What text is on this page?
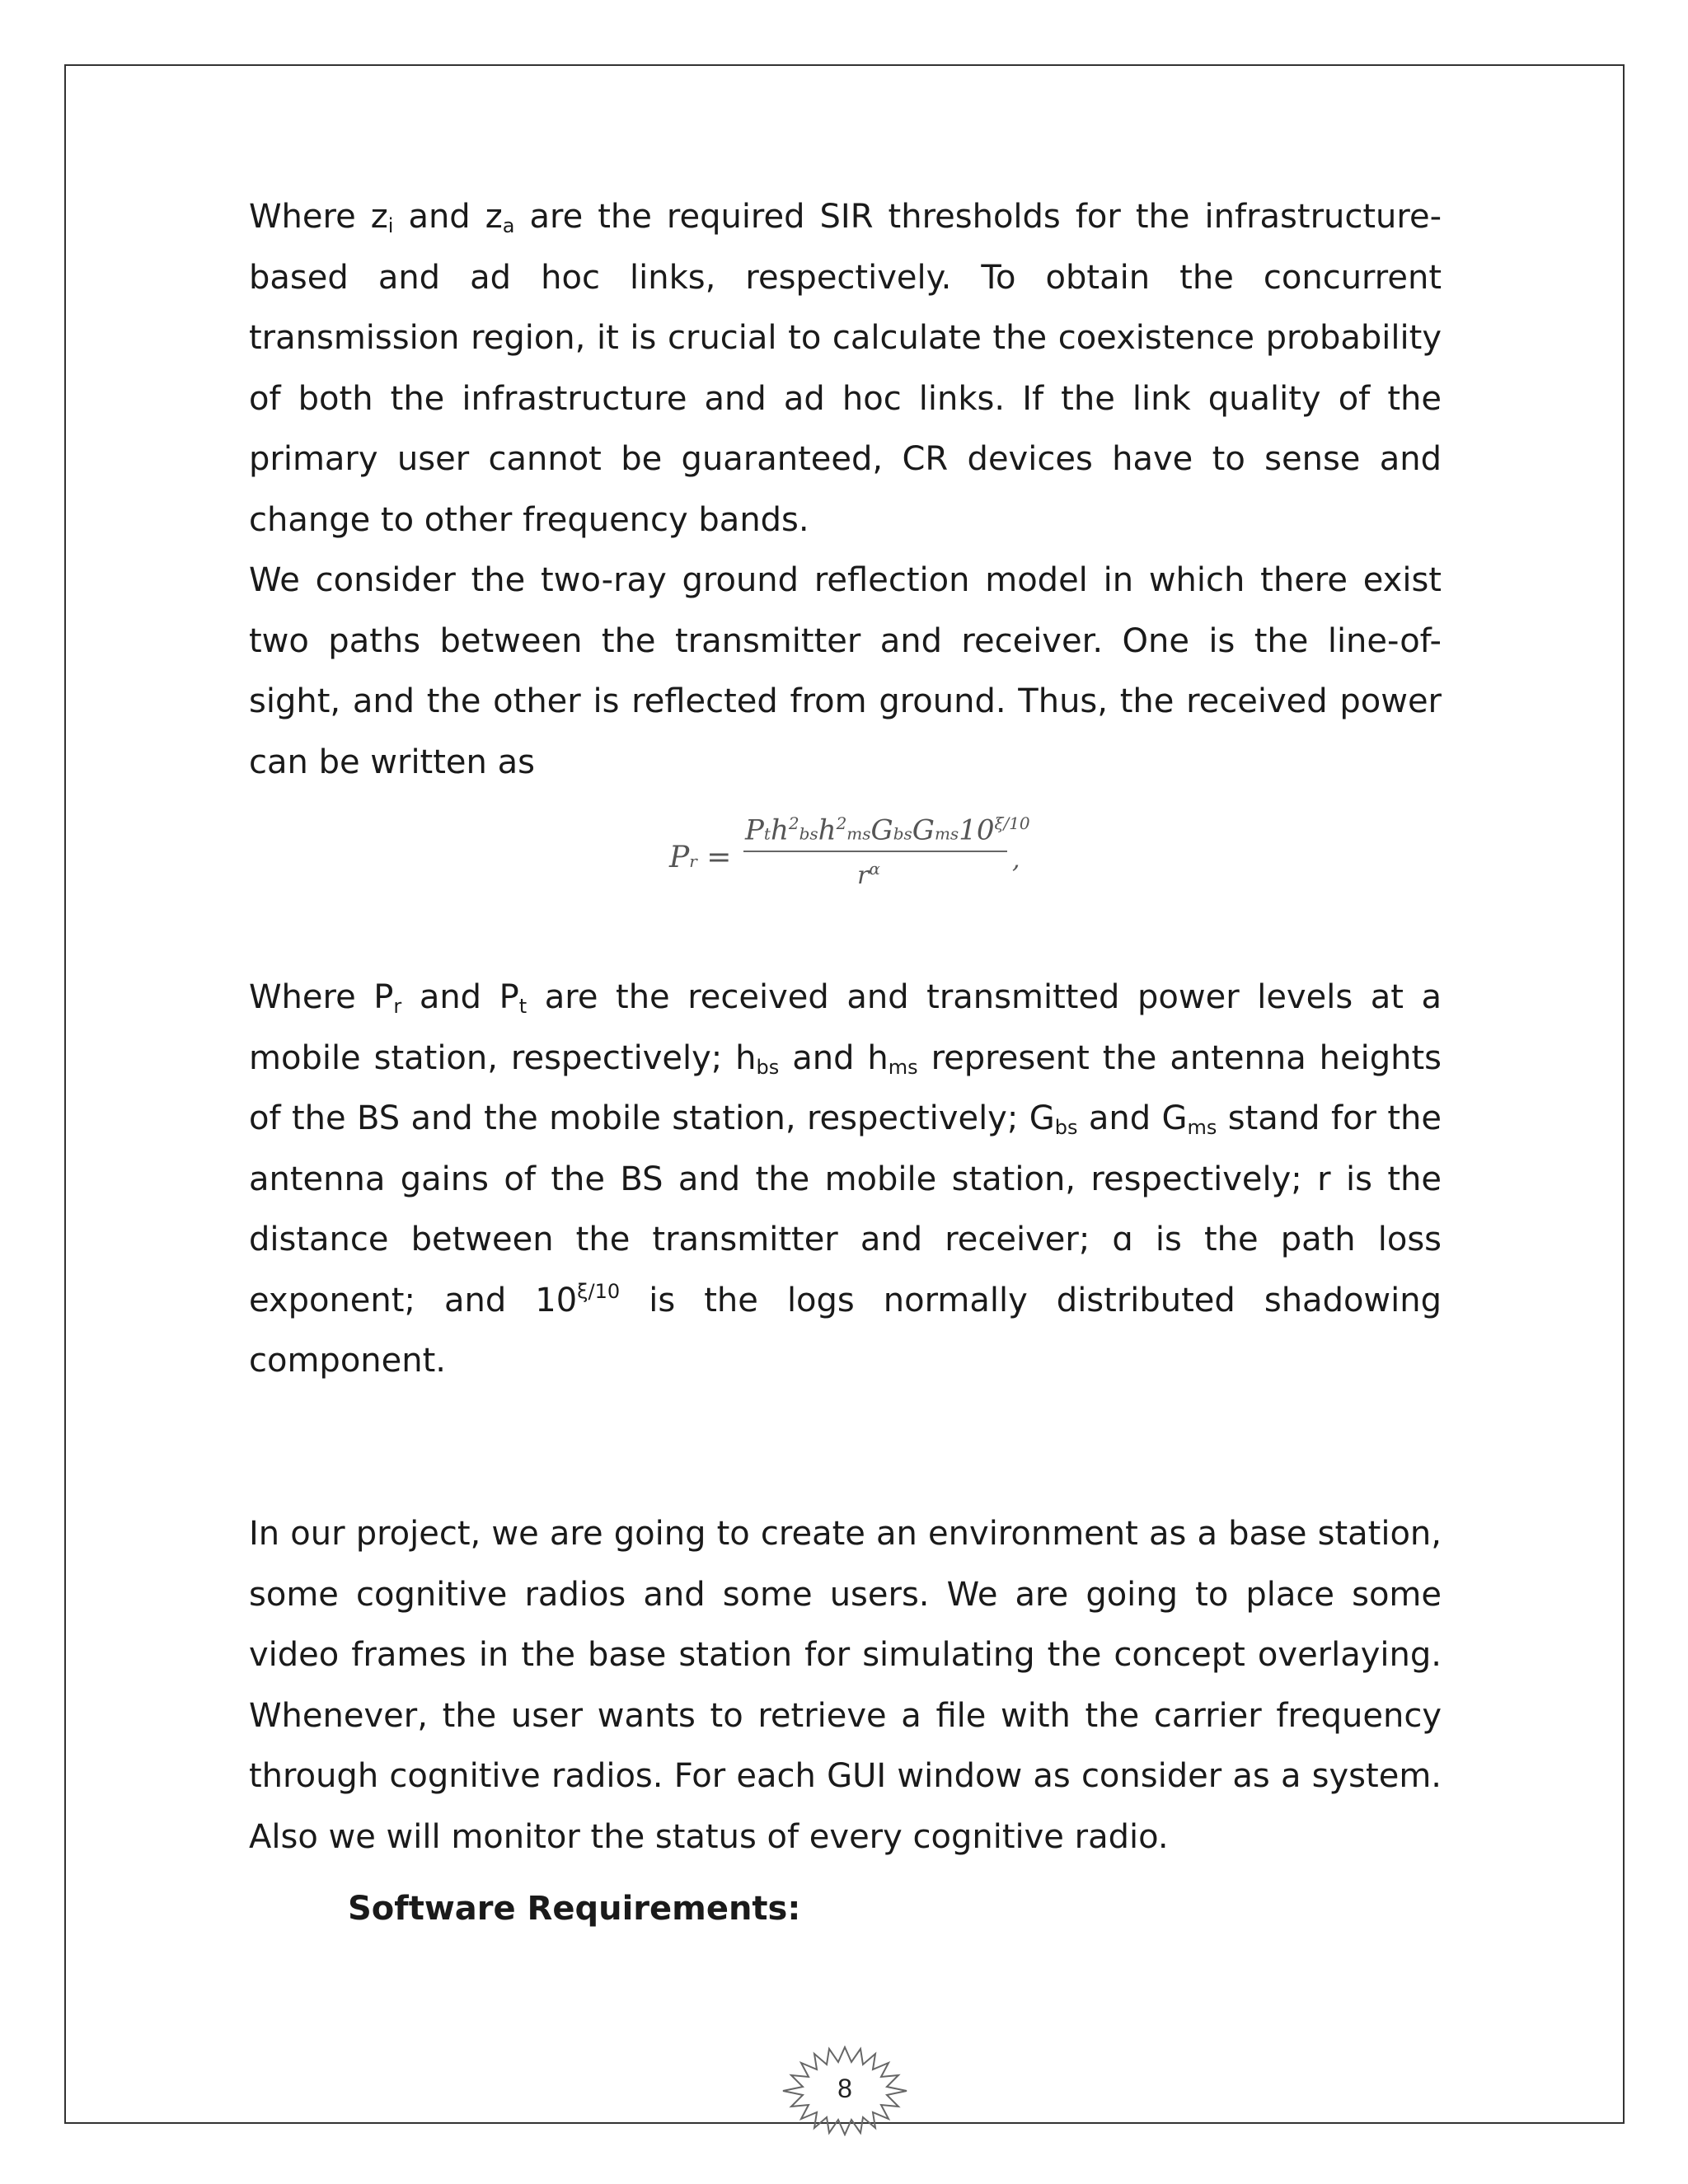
Where $z_i$ and $z_a$ are the required SIR thresholds for the infrastructure-based and ad hoc links, respectively. To obtain the concurrent transmission region, it is crucial to calculate the coexistence probability of both the infrastructure and ad hoc links. If the link quality of the primary user cannot be guaranteed, CR devices have to sense and change to other frequency bands.

We consider the two-ray ground reflection model in which there exist two paths between the transmitter and receiver. One is the line-of-sight, and the other is reflected from ground. Thus, the received power can be written as

Pr =
$Pth^2bsh^2msGbsGms10^{\xi/10}$
$r^\alpha$	,

Where $P_r$ and $P_t$ are the received and transmitted power levels at a mobile station, respectively; $h_{bs}$ and $h_{ms}$ represent the antenna heights of the BS and the mobile station, respectively; $G_{bs}$ and $G_{ms}$ stand for the antenna gains of the BS and the mobile station, respectively; r is the distance between the transmitter and receiver; ɑ is the path loss exponent; and $10^{\xi/10}$ is the logs normally distributed shadowing component.

In our project, we are going to create an environment as a base station, some cognitive radios and some users. We are going to place some video frames in the base station for simulating the concept overlaying. Whenever, the user wants to retrieve a file with the carrier frequency through cognitive radios. For each GUI window as consider as a system. Also we will monitor the status of every cognitive radio.

Software Requirements:
8
